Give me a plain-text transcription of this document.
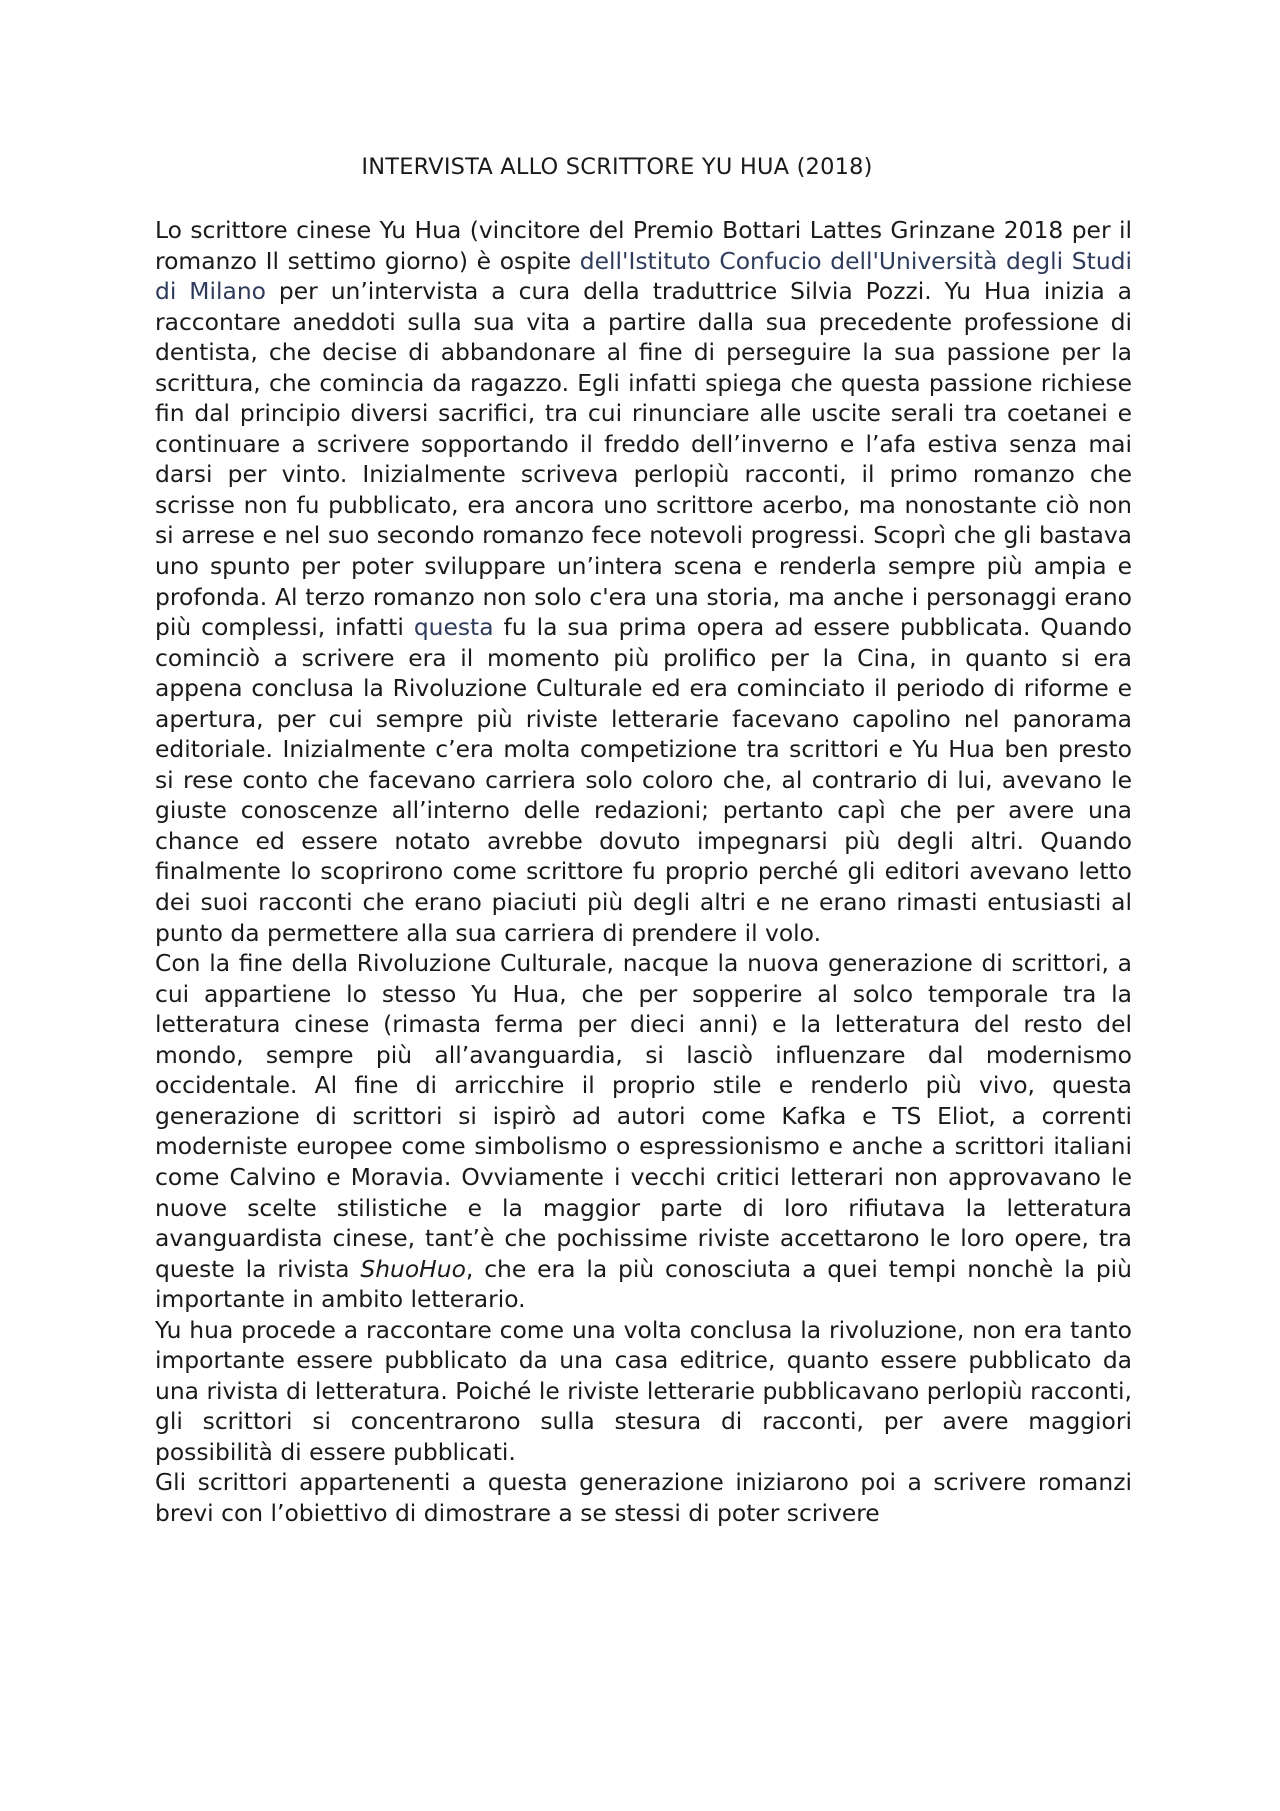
INTERVISTA ALLO SCRITTORE YU HUA (2018)

Lo scrittore cinese Yu Hua (vincitore del Premio Bottari Lattes Grinzane 2018 per il romanzo Il settimo giorno) è ospite dell'Istituto Confucio dell'Università degli Studi di Milano per un’intervista a cura della traduttrice Silvia Pozzi. Yu Hua inizia a raccontare aneddoti sulla sua vita a partire dalla sua precedente professione di dentista, che decise di abbandonare al fine di perseguire la sua passione per la scrittura, che comincia da ragazzo. Egli infatti spiega che questa passione richiese fin dal principio diversi sacrifici, tra cui rinunciare alle uscite serali tra coetanei e continuare a scrivere sopportando il freddo dell’inverno e l’afa estiva senza mai darsi per vinto. Inizialmente scriveva perlopiù racconti, il primo romanzo che scrisse non fu pubblicato, era ancora uno scrittore acerbo, ma nonostante ciò non si arrese e nel suo secondo romanzo fece notevoli progressi. Scoprì che gli bastava uno spunto per poter sviluppare un’intera scena e renderla sempre più ampia e profonda. Al terzo romanzo non solo c'era una storia, ma anche i personaggi erano più complessi, infatti questa fu la sua prima opera ad essere pubblicata. Quando cominciò a scrivere era il momento più prolifico per la Cina, in quanto si era appena conclusa la Rivoluzione Culturale ed era cominciato il periodo di riforme e apertura, per cui sempre più riviste letterarie facevano capolino nel panorama editoriale. Inizialmente c’era molta competizione tra scrittori e Yu Hua ben presto si rese conto che facevano carriera solo coloro che, al contrario di lui, avevano le giuste conoscenze all’interno delle redazioni; pertanto capì che per avere una chance ed essere notato avrebbe dovuto impegnarsi più degli altri. Quando finalmente lo scoprirono come scrittore fu proprio perché gli editori avevano letto dei suoi racconti che erano piaciuti più degli altri e ne erano rimasti entusiasti al punto da permettere alla sua carriera di prendere il volo.

Con la fine della Rivoluzione Culturale, nacque la nuova generazione di scrittori, a cui appartiene lo stesso Yu Hua, che per sopperire al solco temporale tra la letteratura cinese (rimasta ferma per dieci anni) e la letteratura del resto del mondo, sempre più all’avanguardia, si lasciò influenzare dal modernismo occidentale. Al fine di arricchire il proprio stile e renderlo più vivo, questa generazione di scrittori si ispirò ad autori come Kafka e TS Eliot, a correnti moderniste europee come simbolismo o espressionismo e anche a scrittori italiani come Calvino e Moravia. Ovviamente i vecchi critici letterari non approvavano le nuove scelte stilistiche e la maggior parte di loro rifiutava la letteratura avanguardista cinese, tant’è che pochissime riviste accettarono le loro opere, tra queste la rivista ShuoHuo, che era la più conosciuta a quei tempi nonchè la più importante in ambito letterario.

Yu hua procede a raccontare come una volta conclusa la rivoluzione, non era tanto importante essere pubblicato da una casa editrice, quanto essere pubblicato da una rivista di letteratura. Poiché le riviste letterarie pubblicavano perlopiù racconti, gli scrittori si concentrarono sulla stesura di racconti, per avere maggiori possibilità di essere pubblicati.

Gli scrittori appartenenti a questa generazione iniziarono poi a scrivere romanzi brevi con l’obiettivo di dimostrare a se stessi di poter scrivere
